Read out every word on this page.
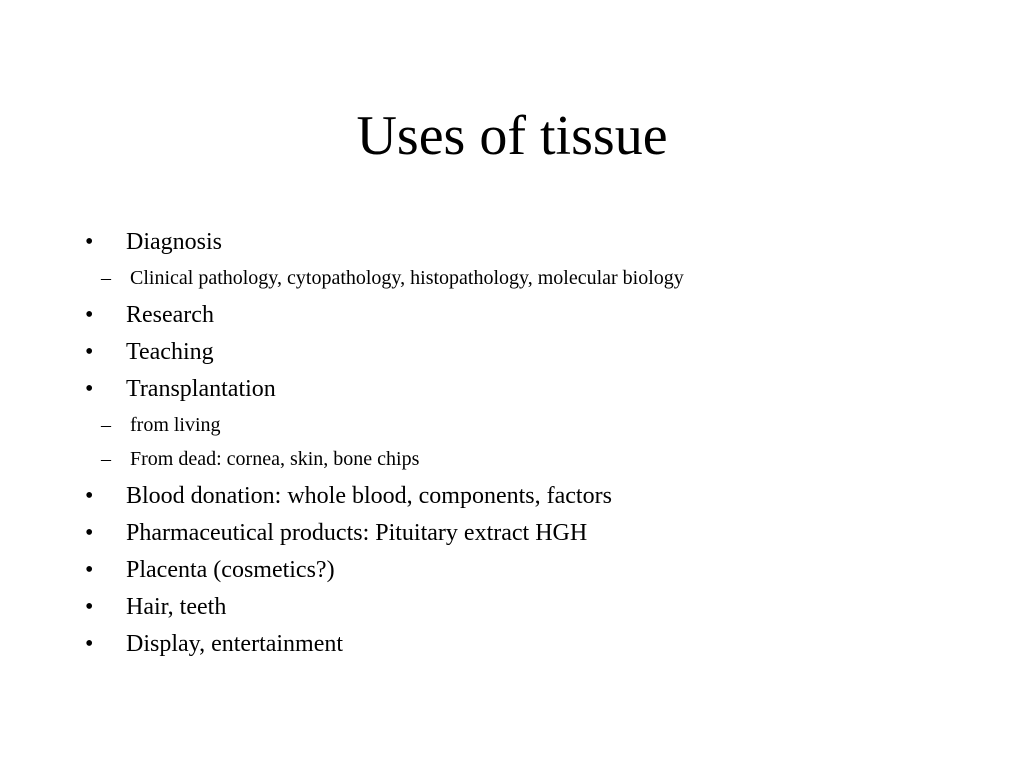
Uses of tissue
•	Diagnosis
– Clinical pathology, cytopathology, histopathology, molecular biology
•	Research
•	Teaching
•	Transplantation
– from living
– From dead: cornea, skin, bone chips
•	Blood donation: whole blood, components, factors
•	Pharmaceutical products: Pituitary extract HGH
•	Placenta (cosmetics?)
•	Hair, teeth
•	Display, entertainment
